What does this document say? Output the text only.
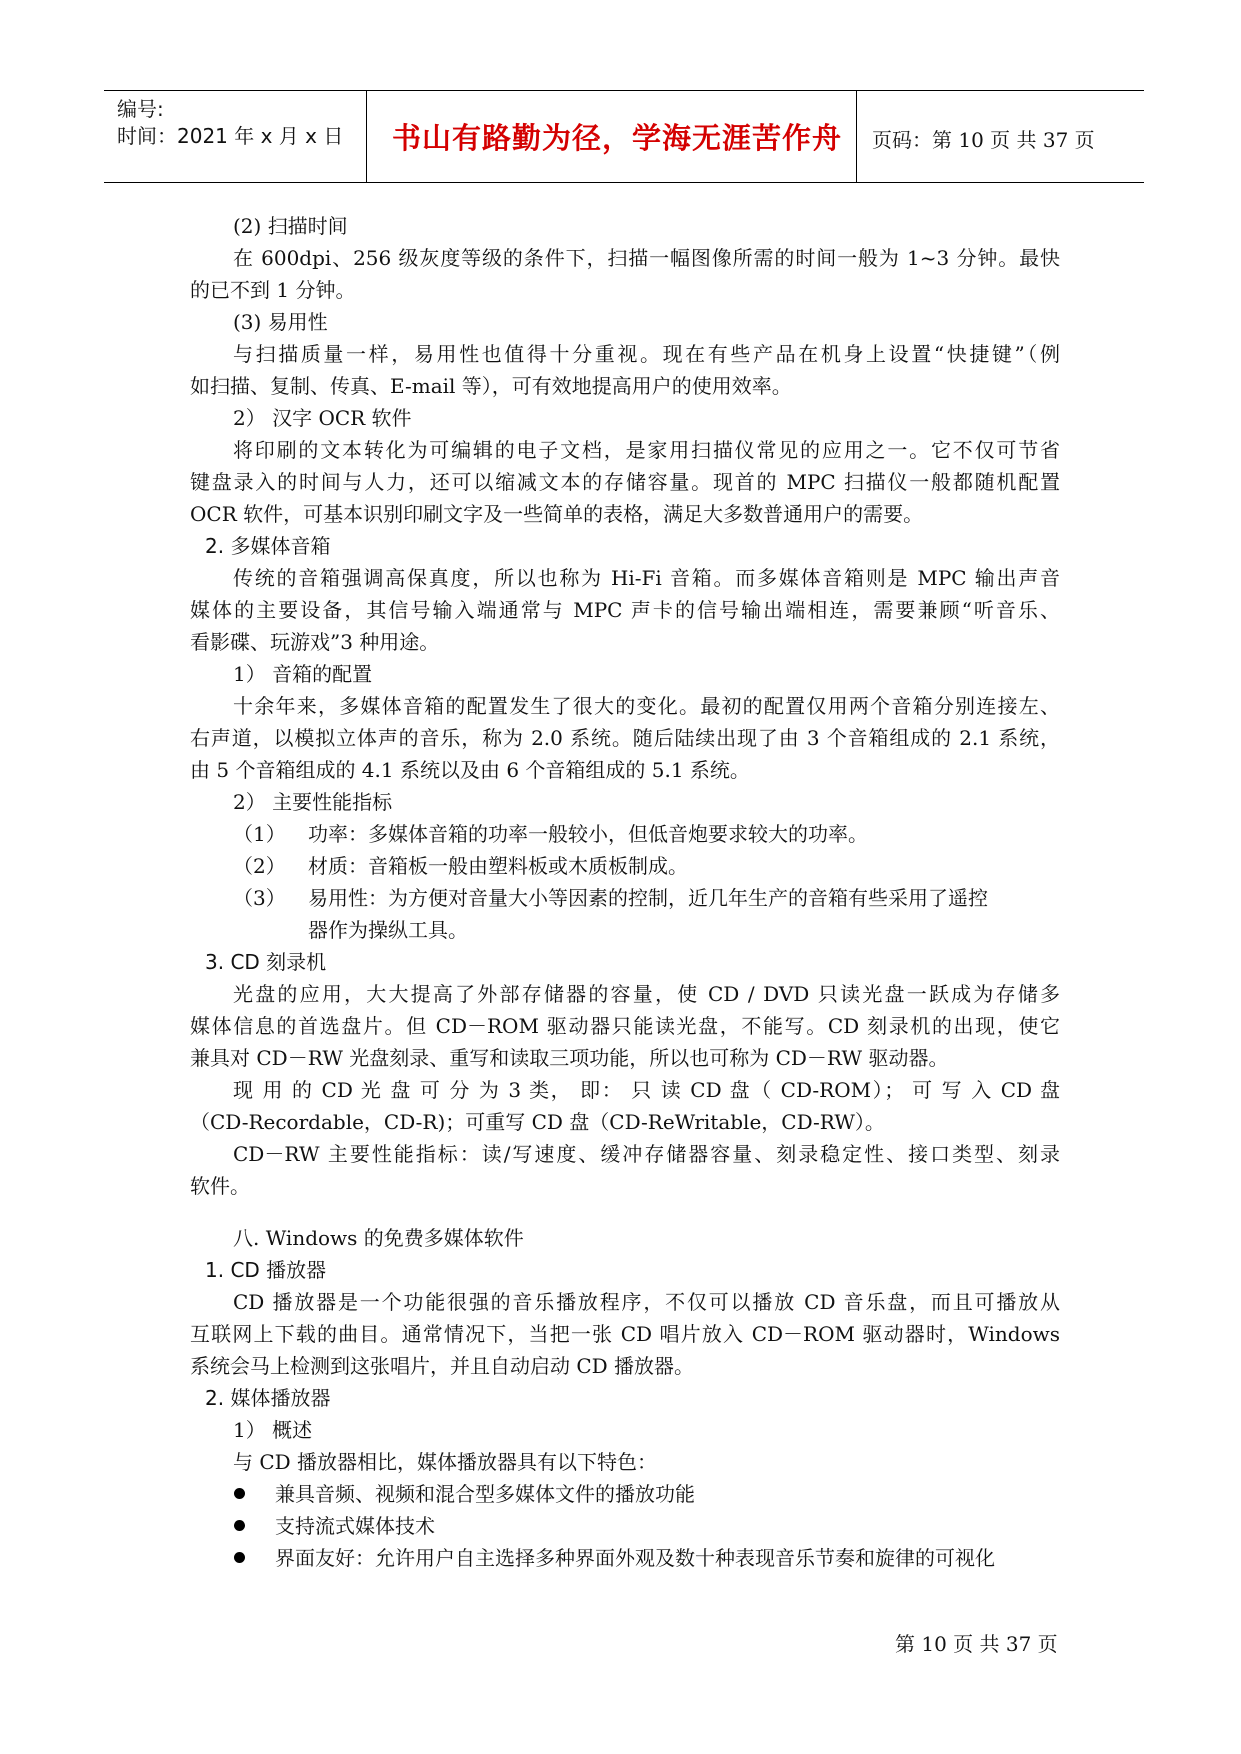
编号:
时间：2021 年 x 月 x 日 书山有路勤为径，学海无涯苦作舟 页码：第 10 页 共 37 页
(2) 扫描时间
在 600dpi、256 级灰度等级的条件下，扫描一幅图像所需的时间一般为 1~3 分钟。最快
的已不到 1 分钟。
(3) 易用性
与扫描质量一样，易用性也值得十分重视。现在有些产品在机身上设置“快捷键”（例
如扫描、复制、传真、E-mail 等），可有效地提高用户的使用效率。
2） 汉字 OCR 软件
将印刷的文本转化为可编辑的电子文档，是家用扫描仪常见的应用之一。它不仅可节省
键盘录入的时间与人力，还可以缩减文本的存储容量。现首的 MPC 扫描仪一般都随机配置
OCR 软件，可基本识别印刷文字及一些简单的表格，满足大多数普通用户的需要。
2. 多媒体音箱
传统的音箱强调高保真度，所以也称为 Hi-Fi 音箱。而多媒体音箱则是 MPC 输出声音
媒体的主要设备，其信号输入端通常与 MPC 声卡的信号输出端相连，需要兼顾“听音乐、
看影碟、玩游戏”3 种用途。
1） 音箱的配置
十余年来，多媒体音箱的配置发生了很大的变化。最初的配置仅用两个音箱分别连接左、
右声道，以模拟立体声的音乐，称为 2.0 系统。随后陆续出现了由 3 个音箱组成的 2.1 系统，
由 5 个音箱组成的 4.1 系统以及由 6 个音箱组成的 5.1 系统。
2） 主要性能指标
（1） 功率：多媒体音箱的功率一般较小，但低音炮要求较大的功率。
（2） 材质：音箱板一般由塑料板或木质板制成。
（3） 易用性：为方便对音量大小等因素的控制，近几年生产的音箱有些采用了遥控
器作为操纵工具。
3. CD 刻录机
光盘的应用，大大提高了外部存储器的容量，使 CD / DVD 只读光盘一跃成为存储多
媒体信息的首选盘片。但 CD－ROM 驱动器只能读光盘，不能写。CD 刻录机的出现，使它
兼具对 CD－RW 光盘刻录、重写和读取三项功能，所以也可称为 CD－RW 驱动器。
现 用 的 CD 光 盘 可 分 为 3 类， 即： 只 读 CD 盘（ CD-ROM）； 可 写 入 CD 盘
（CD-Recordable，CD-R)；可重写 CD 盘（CD-ReWritable，CD-RW）。
CD－RW 主要性能指标：读/写速度、缓冲存储器容量、刻录稳定性、接口类型、刻录
软件。
八. Windows 的免费多媒体软件
1. CD 播放器
CD 播放器是一个功能很强的音乐播放程序，不仅可以播放 CD 音乐盘，而且可播放从
互联网上下载的曲目。通常情况下，当把一张 CD 唱片放入 CD－ROM 驱动器时，Windows
系统会马上检测到这张唱片，并且自动启动 CD 播放器。
2. 媒体播放器
1） 概述
与 CD 播放器相比，媒体播放器具有以下特色：
兼具音频、视频和混合型多媒体文件的播放功能
支持流式媒体技术
界面友好：允许用户自主选择多种界面外观及数十种表现音乐节奏和旋律的可视化
第 10 页 共 37 页
